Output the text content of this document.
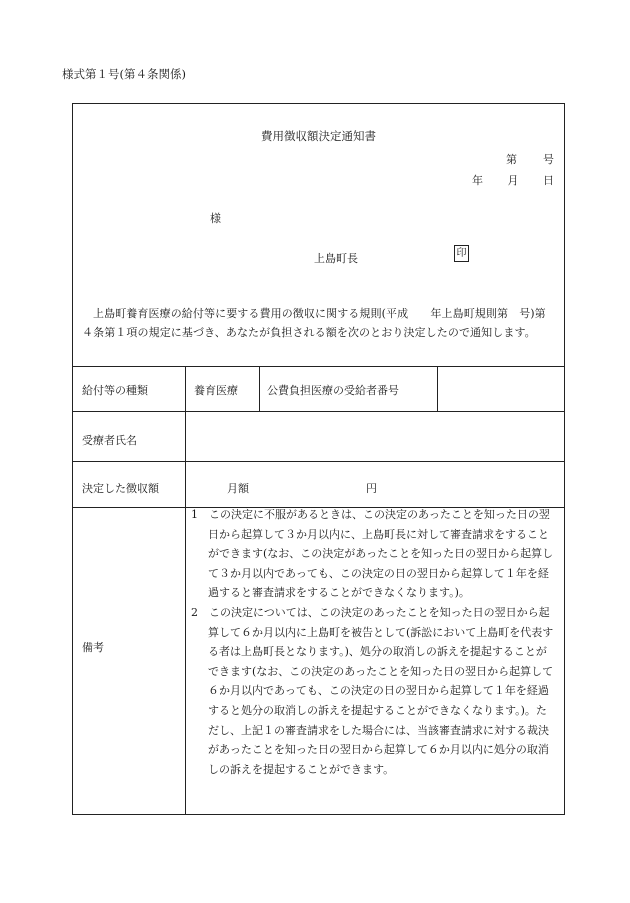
様式第１号(第４条関係)
費用徴収額決定通知書
第 号
年 月 日
様
上島町長	印
上島町養育医療の給付等に要する費用の徴収に関する規則(平成　　年上島町規則第　号)第４条第１項の規定に基づき、あなたが負担される額を次のとおり決定したので通知します。
給付等の種類	養育医療	公費負担医療の受給者番号
受療者氏名
決定した徴収額	月額	円
備考
1　この決定に不服があるときは、この決定のあったことを知った日の翌日から起算して３か月以内に、上島町長に対して審査請求をすることができます(なお、この決定があったことを知った日の翌日から起算して３か月以内であっても、この決定の日の翌日から起算して１年を経過すると審査請求をすることができなくなります。)。
2　この決定については、この決定のあったことを知った日の翌日から起算して６か月以内に上島町を被告として(訴訟において上島町を代表する者は上島町長となります。)、処分の取消しの訴えを提起することができます(なお、この決定のあったことを知った日の翌日から起算して６か月以内であっても、この決定の日の翌日から起算して１年を経過すると処分の取消しの訴えを提起することができなくなります。)。ただし、上記１の審査請求をした場合には、当該審査請求に対する裁決があったことを知った日の翌日から起算して６か月以内に処分の取消しの訴えを提起することができます。
